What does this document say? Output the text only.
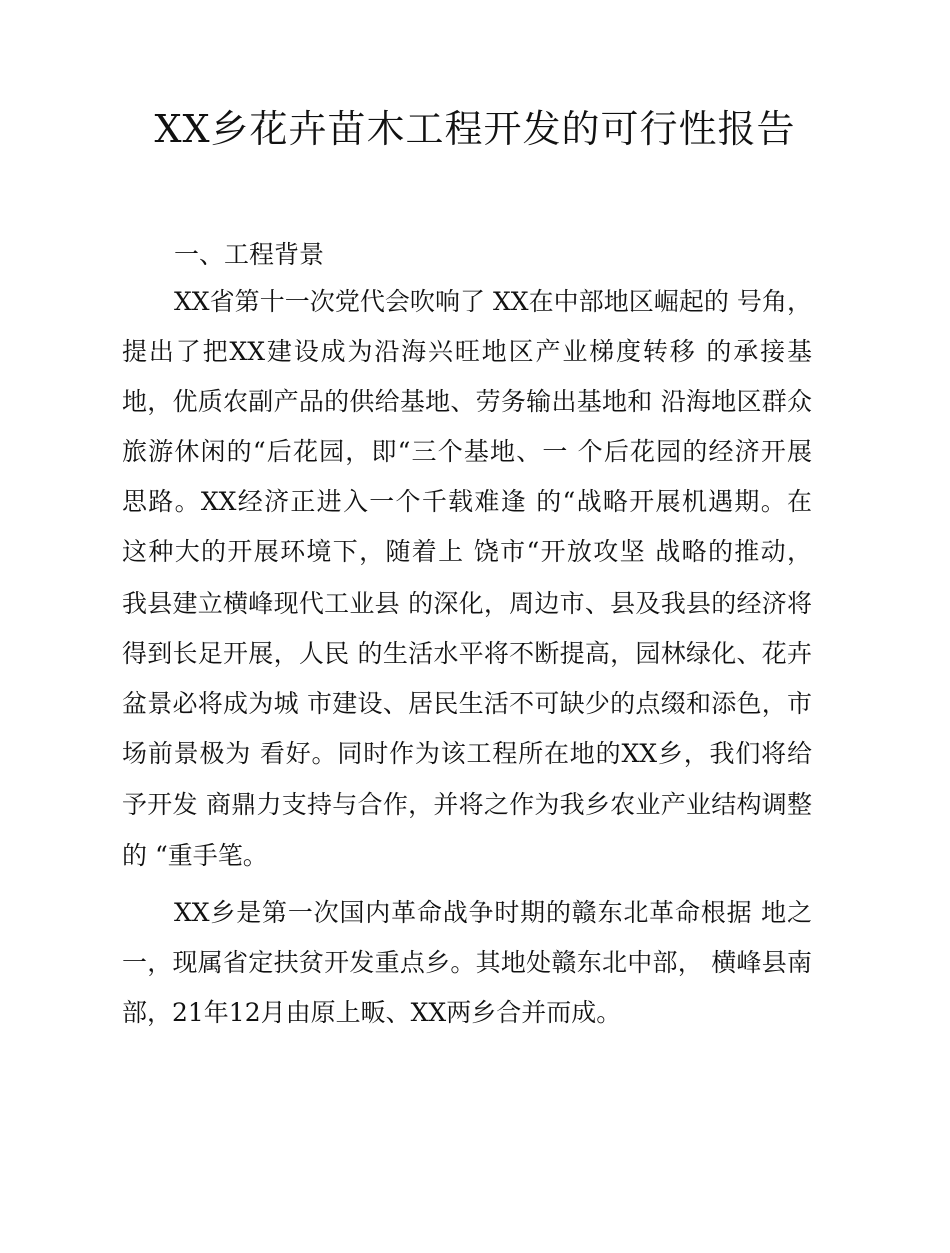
XX乡花卉苗木工程开发的可行性报告
一、工程背景
XX省第十一次党代会吹响了 XX在中部地区崛起的 号角，
提出了把XX建设成为沿海兴旺地区产业梯度转移 的承接基
地，优质农副产品的供给基地、劳务输出基地和 沿海地区群众
旅游休闲的“后花园，即“三个基地、一 个后花园的经济开展
思路。XX经济正进入一个千载难逢 的“战略开展机遇期。在
这种大的开展环境下，随着上 饶市“开放攻坚 战略的推动，
我县建立横峰现代工业县 的深化，周边市、县及我县的经济将
得到长足开展，人民 的生活水平将不断提高，园林绿化、花卉
盆景必将成为城 市建设、居民生活不可缺少的点缀和添色，市
场前景极为 看好。同时作为该工程所在地的XX乡，我们将给
予开发 商鼎力支持与合作，并将之作为我乡农业产业结构调整
的 “重手笔。
XX乡是第一次国内革命战争时期的赣东北革命根据 地之
一，现属省定扶贫开发重点乡。其地处赣东北中部， 横峰县南
部，21年12月由原上畈、XX两乡合并而成。
